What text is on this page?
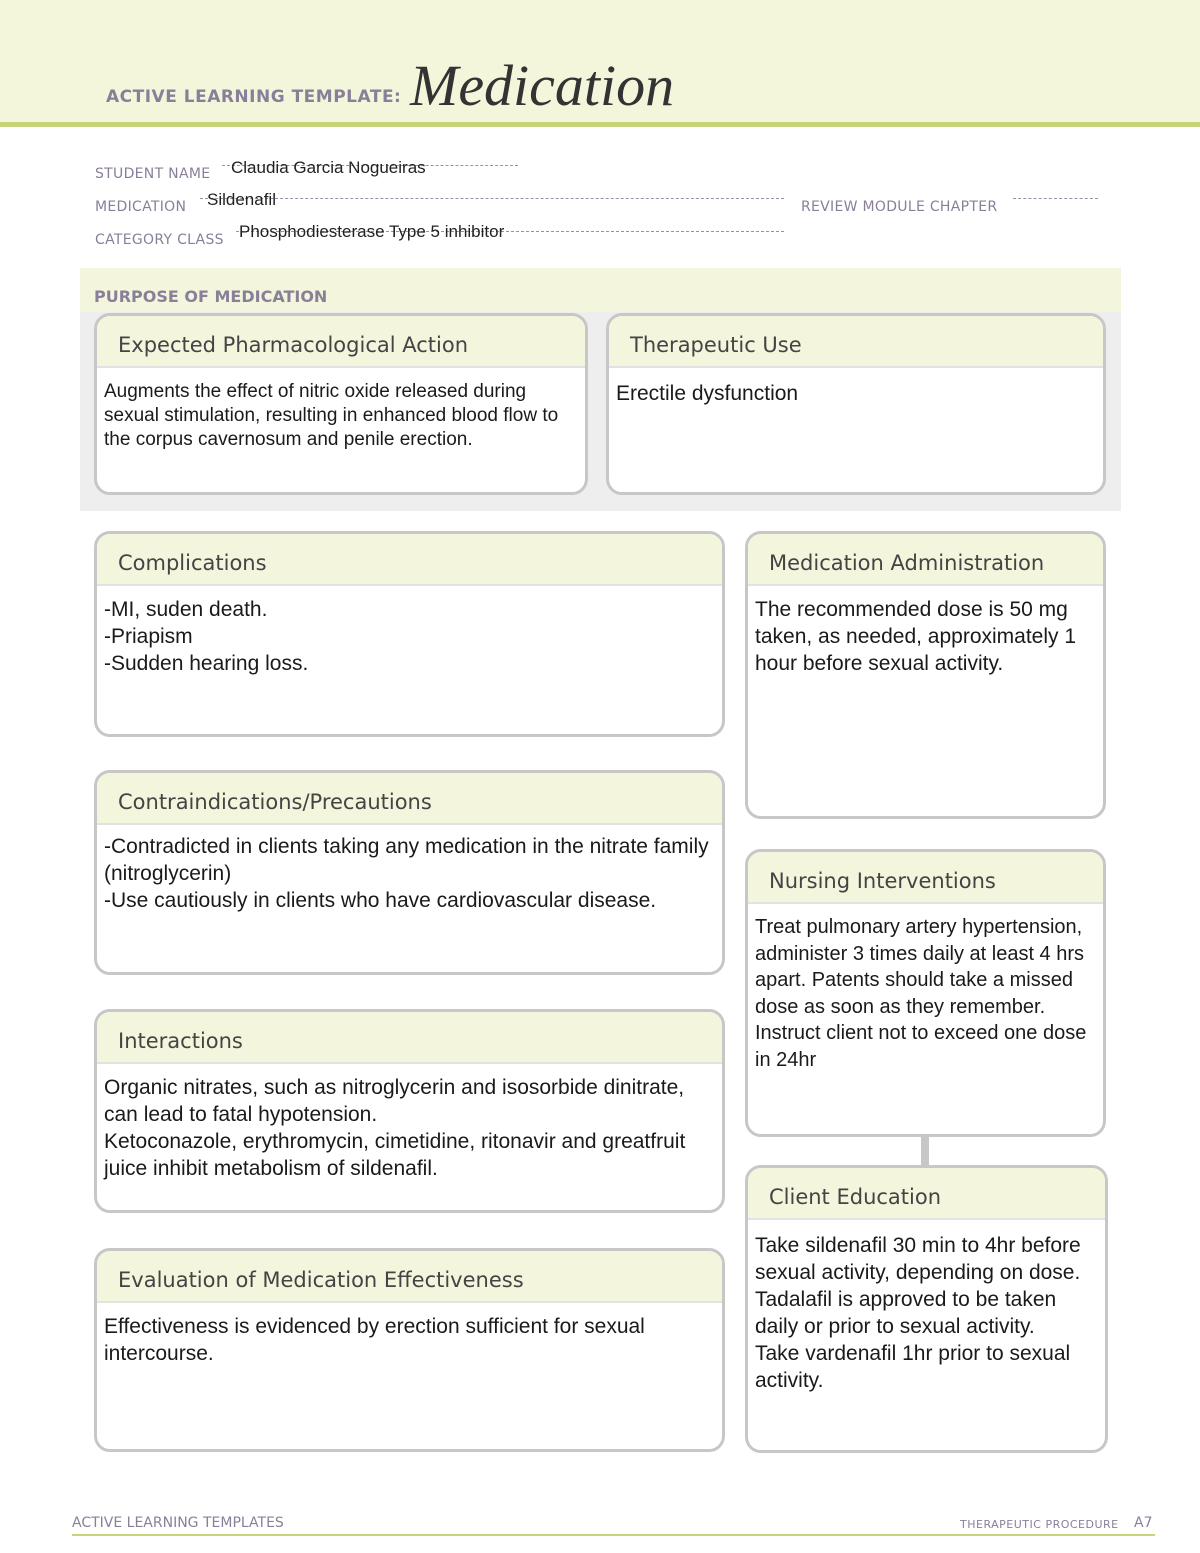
ACTIVE LEARNING TEMPLATE: Medication
STUDENT NAME Claudia Garcia Nogueiras
MEDICATION Sildenafil	REVIEW MODULE CHAPTER
CATEGORY CLASS Phosphodiesterase Type 5 inhibitor
PURPOSE OF MEDICATION
Expected Pharmacological Action
Augments the effect of nitric oxide released during sexual stimulation, resulting in enhanced blood flow to the corpus cavernosum and penile erection.
Therapeutic Use
Erectile dysfunction
Complications
-MI, suden death.
-Priapism
-Sudden hearing loss.
Contraindications/Precautions
-Contradicted in clients taking any medication in the nitrate family (nitroglycerin)
-Use cautiously in clients who have cardiovascular disease.
Interactions
Organic nitrates, such as nitroglycerin and isosorbide dinitrate, can lead to fatal hypotension.
Ketoconazole, erythromycin, cimetidine, ritonavir and greatfruit juice inhibit metabolism of sildenafil.
Evaluation of Medication Effectiveness
Effectiveness is evidenced by erection sufficient for sexual intercourse.
Medication Administration
The recommended dose is 50 mg taken, as needed, approximately 1 hour before sexual activity.
Nursing Interventions
Treat pulmonary artery hypertension, administer 3 times daily at least 4 hrs apart. Patents should take a missed dose as soon as they remember.
Instruct client not to exceed one dose in 24hr
Client Education
Take sildenafil 30 min to 4hr before sexual activity, depending on dose.
Tadalafil is approved to be taken daily or prior to sexual activity.
Take vardenafil 1hr prior to sexual activity.
ACTIVE LEARNING TEMPLATES	THERAPEUTIC PROCEDURE A7
